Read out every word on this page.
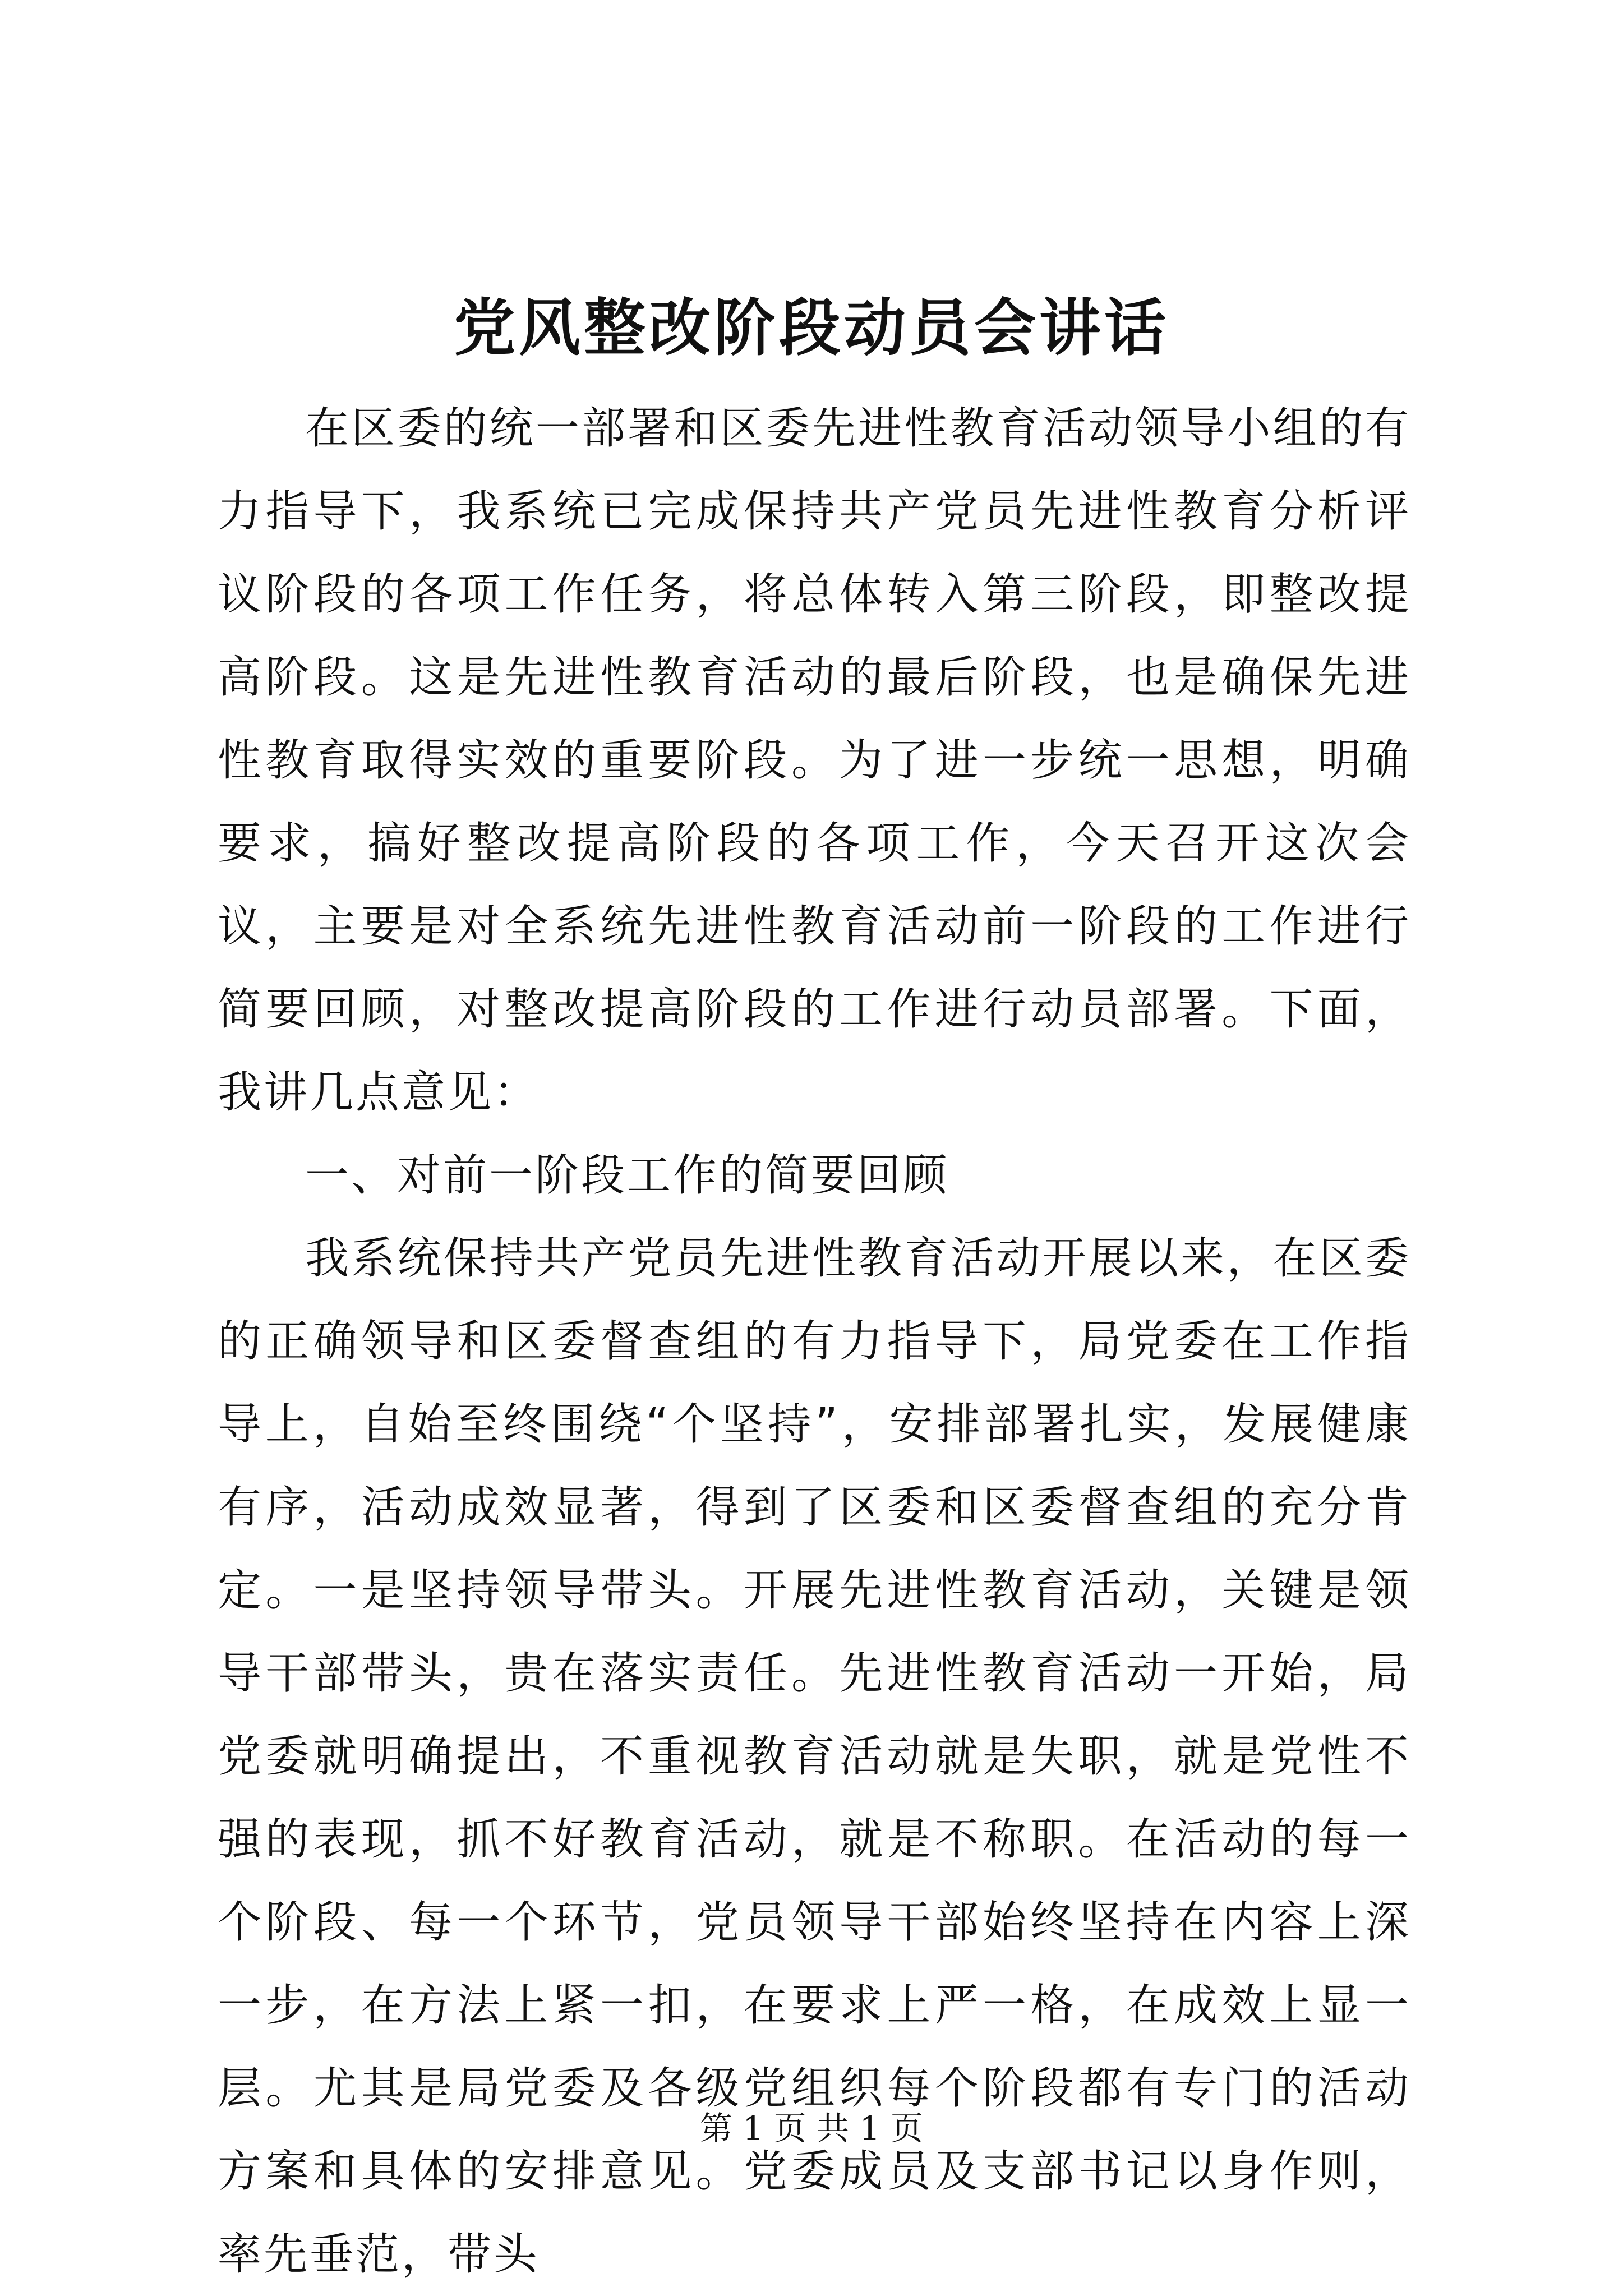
党风整改阶段动员会讲话

在区委的统一部署和区委先进性教育活动领导小组的有力指导下，我系统已完成保持共产党员先进性教育分析评议阶段的各项工作任务，将总体转入第三阶段，即整改提高阶段。这是先进性教育活动的最后阶段，也是确保先进性教育取得实效的重要阶段。为了进一步统一思想，明确要求，搞好整改提高阶段的各项工作，今天召开这次会议，主要是对全系统先进性教育活动前一阶段的工作进行简要回顾，对整改提高阶段的工作进行动员部署。下面，我讲几点意见：

一、对前一阶段工作的简要回顾

我系统保持共产党员先进性教育活动开展以来，在区委的正确领导和区委督查组的有力指导下，局党委在工作指导上，自始至终围绕“个坚持”，安排部署扎实，发展健康有序，活动成效显著，得到了区委和区委督查组的充分肯定。一是坚持领导带头。开展先进性教育活动，关键是领导干部带头，贵在落实责任。先进性教育活动一开始，局党委就明确提出，不重视教育活动就是失职，就是党性不强的表现，抓不好教育活动，就是不称职。在活动的每一个阶段、每一个环节，党员领导干部始终坚持在内容上深一步，在方法上紧一扣，在要求上严一格，在成效上显一层。尤其是局党委及各级党组织每个阶段都有专门的活动方案和具体的安排意见。党委成员及支部书记以身作则，率先垂范，带头

第 1 页 共 1 页
